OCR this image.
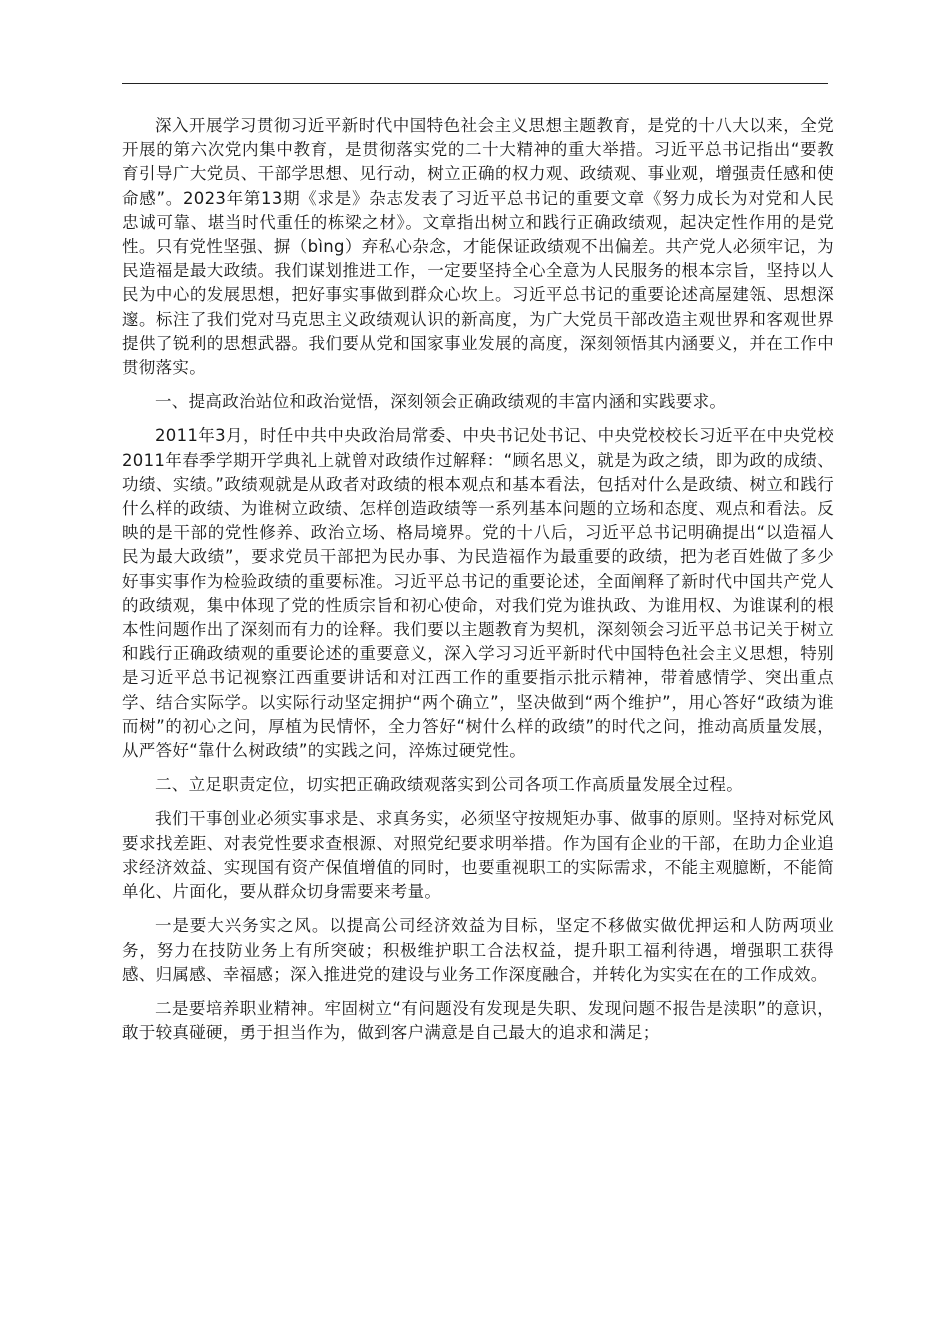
深入开展学习贯彻习近平新时代中国特色社会主义思想主题教育，是党的十八大以来，全党开展的第六次党内集中教育，是贯彻落实党的二十大精神的重大举措。习近平总书记指出“要教育引导广大党员、干部学思想、见行动，树立正确的权力观、政绩观、事业观，增强责任感和使命感”。2023年第13期《求是》杂志发表了习近平总书记的重要文章《努力成长为对党和人民忠诚可靠、堪当时代重任的栋梁之材》。文章指出树立和践行正确政绩观，起决定性作用的是党性。只有党性坚强、摒（bìng）弃私心杂念，才能保证政绩观不出偏差。共产党人必须牢记，为民造福是最大政绩。我们谋划推进工作，一定要坚持全心全意为人民服务的根本宗旨，坚持以人民为中心的发展思想，把好事实事做到群众心坎上。习近平总书记的重要论述高屋建瓴、思想深邃。标注了我们党对马克思主义政绩观认识的新高度，为广大党员干部改造主观世界和客观世界提供了锐利的思想武器。我们要从党和国家事业发展的高度，深刻领悟其内涵要义，并在工作中贯彻落实。

一、提高政治站位和政治觉悟，深刻领会正确政绩观的丰富内涵和实践要求。

2011年3月，时任中共中央政治局常委、中央书记处书记、中央党校校长习近平在中央党校2011年春季学期开学典礼上就曾对政绩作过解释：“顾名思义，就是为政之绩，即为政的成绩、功绩、实绩。”政绩观就是从政者对政绩的根本观点和基本看法，包括对什么是政绩、树立和践行什么样的政绩、为谁树立政绩、怎样创造政绩等一系列基本问题的立场和态度、观点和看法。反映的是干部的党性修养、政治立场、格局境界。党的十八后，习近平总书记明确提出“以造福人民为最大政绩”，要求党员干部把为民办事、为民造福作为最重要的政绩，把为老百姓做了多少好事实事作为检验政绩的重要标准。习近平总书记的重要论述，全面阐释了新时代中国共产党人的政绩观，集中体现了党的性质宗旨和初心使命，对我们党为谁执政、为谁用权、为谁谋利的根本性问题作出了深刻而有力的诠释。我们要以主题教育为契机，深刻领会习近平总书记关于树立和践行正确政绩观的重要论述的重要意义，深入学习习近平新时代中国特色社会主义思想，特别是习近平总书记视察江西重要讲话和对江西工作的重要指示批示精神，带着感情学、突出重点学、结合实际学。以实际行动坚定拥护“两个确立”，坚决做到“两个维护”，用心答好“政绩为谁而树”的初心之问，厚植为民情怀，全力答好“树什么样的政绩”的时代之问，推动高质量发展，从严答好“靠什么树政绩”的实践之问，淬炼过硬党性。

二、立足职责定位，切实把正确政绩观落实到公司各项工作高质量发展全过程。

我们干事创业必须实事求是、求真务实，必须坚守按规矩办事、做事的原则。坚持对标党风要求找差距、对表党性要求查根源、对照党纪要求明举措。作为国有企业的干部，在助力企业追求经济效益、实现国有资产保值增值的同时，也要重视职工的实际需求，不能主观臆断，不能简单化、片面化，要从群众切身需要来考量。

一是要大兴务实之风。以提高公司经济效益为目标，坚定不移做实做优押运和人防两项业务，努力在技防业务上有所突破；积极维护职工合法权益，提升职工福利待遇，增强职工获得感、归属感、幸福感；深入推进党的建设与业务工作深度融合，并转化为实实在在的工作成效。

二是要培养职业精神。牢固树立“有问题没有发现是失职、发现问题不报告是渎职”的意识，敢于较真碰硬，勇于担当作为，做到客户满意是自己最大的追求和满足；
